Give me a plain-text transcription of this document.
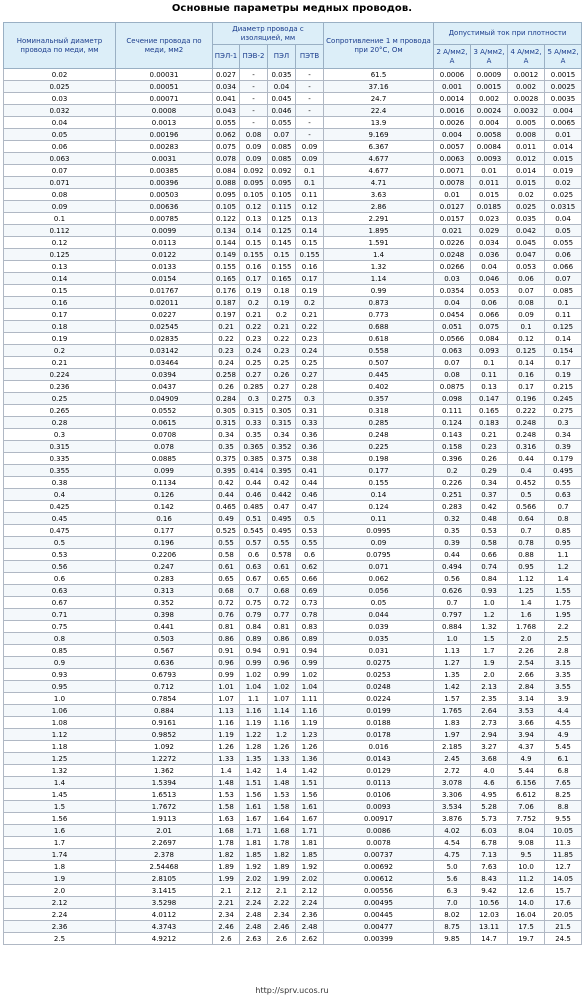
Основные параметры медных проводов.
Номинальный диаметр провода по меди, мм	Сечение провода по меди, мм2	Диаметр провода с изоляцией, мм				Сопротивление 1 м провода при 20°С, Ом	Допустимый ток при плотности			
		ПЭЛ-1	ПЭВ-2	ПЭЛ	ПЭТВ		2 А/мм2, А	3 А/мм2, А	4 А/мм2, А	5 А/мм2, А
0.02	0.00031	0.027	-	0.035	-	61.5	0.0006	0.0009	0.0012	0.0015
0.025	0.00051	0.034	-	0.04	-	37.16	0.001	0.0015	0.002	0.0025
0.03	0.00071	0.041	-	0.045	-	24.7	0.0014	0.002	0.0028	0.0035
0.032	0.0008	0.043	-	0.046	-	22.4	0.0016	0.0024	0.0032	0.004
0.04	0.0013	0.055	-	0.055	-	13.9	0.0026	0.004	0.005	0.0065
0.05	0.00196	0.062	0.08	0.07	-	9.169	0.004	0.0058	0.008	0.01
0.06	0.00283	0.075	0.09	0.085	0.09	6.367	0.0057	0.0084	0.011	0.014
0.063	0.0031	0.078	0.09	0.085	0.09	4.677	0.0063	0.0093	0.012	0.015
0.07	0.00385	0.084	0.092	0.092	0.1	4.677	0.0071	0.01	0.014	0.019
0.071	0.00396	0.088	0.095	0.095	0.1	4.71	0.0078	0.011	0.015	0.02
0.08	0.00503	0.095	0.105	0.105	0.11	3.63	0.01	0.015	0.02	0.025
0.09	0.00636	0.105	0.12	0.115	0.12	2.86	0.0127	0.0185	0.025	0.0315
0.1	0.00785	0.122	0.13	0.125	0.13	2.291	0.0157	0.023	0.035	0.04
0.112	0.0099	0.134	0.14	0.125	0.14	1.895	0.021	0.029	0.042	0.05
0.12	0.0113	0.144	0.15	0.145	0.15	1.591	0.0226	0.034	0.045	0.055
0.125	0.0122	0.149	0.155	0.15	0.155	1.4	0.0248	0.036	0.047	0.06
0.13	0.0133	0.155	0.16	0.155	0.16	1.32	0.0266	0.04	0.053	0.066
0.14	0.0154	0.165	0.17	0.165	0.17	1.14	0.03	0.046	0.06	0.07
0.15	0.01767	0.176	0.19	0.18	0.19	0.99	0.0354	0.053	0.07	0.085
0.16	0.02011	0.187	0.2	0.19	0.2	0.873	0.04	0.06	0.08	0.1
0.17	0.0227	0.197	0.21	0.2	0.21	0.773	0.0454	0.066	0.09	0.11
0.18	0.02545	0.21	0.22	0.21	0.22	0.688	0.051	0.075	0.1	0.125
0.19	0.02835	0.22	0.23	0.22	0.23	0.618	0.0566	0.084	0.12	0.14
0.2	0.03142	0.23	0.24	0.23	0.24	0.558	0.063	0.093	0.125	0.154
0.21	0.03464	0.24	0.25	0.25	0.25	0.507	0.07	0.1	0.14	0.17
0.224	0.0394	0.258	0.27	0.26	0.27	0.445	0.08	0.11	0.16	0.19
0.236	0.0437	0.26	0.285	0.27	0.28	0.402	0.0875	0.13	0.17	0.215
0.25	0.04909	0.284	0.3	0.275	0.3	0.357	0.098	0.147	0.196	0.245
0.265	0.0552	0.305	0.315	0.305	0.31	0.318	0.111	0.165	0.222	0.275
0.28	0.0615	0.315	0.33	0.315	0.33	0.285	0.124	0.183	0.248	0.3
0.3	0.0708	0.34	0.35	0.34	0.36	0.248	0.143	0.21	0.248	0.34
0.315	0.078	0.35	0.365	0.352	0.36	0.225	0.158	0.23	0.316	0.39
0.335	0.0885	0.375	0.385	0.375	0.38	0.198	0.396	0.26	0.44	0.179
0.355	0.099	0.395	0.414	0.395	0.41	0.177	0.2	0.29	0.4	0.495
0.38	0.1134	0.42	0.44	0.42	0.44	0.155	0.226	0.34	0.452	0.55
0.4	0.126	0.44	0.46	0.442	0.46	0.14	0.251	0.37	0.5	0.63
0.425	0.142	0.465	0.485	0.47	0.47	0.124	0.283	0.42	0.566	0.7
0.45	0.16	0.49	0.51	0.495	0.5	0.11	0.32	0.48	0.64	0.8
0.475	0.177	0.525	0.545	0.495	0.53	0.0995	0.35	0.53	0.7	0.85
0.5	0.196	0.55	0.57	0.55	0.55	0.09	0.39	0.58	0.78	0.95
0.53	0.2206	0.58	0.6	0.578	0.6	0.0795	0.44	0.66	0.88	1.1
0.56	0.247	0.61	0.63	0.61	0.62	0.071	0.494	0.74	0.95	1.2
0.6	0.283	0.65	0.67	0.65	0.66	0.062	0.56	0.84	1.12	1.4
0.63	0.313	0.68	0.7	0.68	0.69	0.056	0.626	0.93	1.25	1.55
0.67	0.352	0.72	0.75	0.72	0.73	0.05	0.7	1.0	1.4	1.75
0.71	0.398	0.76	0.79	0.77	0.78	0.044	0.797	1.2	1.6	1.95
0.75	0.441	0.81	0.84	0.81	0.83	0.039	0.884	1.32	1.768	2.2
0.8	0.503	0.86	0.89	0.86	0.89	0.035	1.0	1.5	2.0	2.5
0.85	0.567	0.91	0.94	0.91	0.94	0.031	1.13	1.7	2.26	2.8
0.9	0.636	0.96	0.99	0.96	0.99	0.0275	1.27	1.9	2.54	3.15
0.93	0.6793	0.99	1.02	0.99	1.02	0.0253	1.35	2.0	2.66	3.35
0.95	0.712	1.01	1.04	1.02	1.04	0.0248	1.42	2.13	2.84	3.55
1.0	0.7854	1.07	1.1	1.07	1.11	0.0224	1.57	2.35	3.14	3.9
1.06	0.884	1.13	1.16	1.14	1.16	0.0199	1.765	2.64	3.53	4.4
1.08	0.9161	1.16	1.19	1.16	1.19	0.0188	1.83	2.73	3.66	4.55
1.12	0.9852	1.19	1.22	1.2	1.23	0.0178	1.97	2.94	3.94	4.9
1.18	1.092	1.26	1.28	1.26	1.26	0.016	2.185	3.27	4.37	5.45
1.25	1.2272	1.33	1.35	1.33	1.36	0.0143	2.45	3.68	4.9	6.1
1.32	1.362	1.4	1.42	1.4	1.42	0.0129	2.72	4.0	5.44	6.8
1.4	1.5394	1.48	1.51	1.48	1.51	0.0113	3.078	4.6	6.156	7.65
1.45	1.6513	1.53	1.56	1.53	1.56	0.0106	3.306	4.95	6.612	8.25
1.5	1.7672	1.58	1.61	1.58	1.61	0.0093	3.534	5.28	7.06	8.8
1.56	1.9113	1.63	1.67	1.64	1.67	0.00917	3.876	5.73	7.752	9.55
1.6	2.01	1.68	1.71	1.68	1.71	0.0086	4.02	6.03	8.04	10.05
1.7	2.2697	1.78	1.81	1.78	1.81	0.0078	4.54	6.78	9.08	11.3
1.74	2.378	1.82	1.85	1.82	1.85	0.00737	4.75	7.13	9.5	11.85
1.8	2.54468	1.89	1.92	1.89	1.92	0.00692	5.0	7.63	10.0	12.7
1.9	2.8105	1.99	2.02	1.99	2.02	0.00612	5.6	8.43	11.2	14.05
2.0	3.1415	2.1	2.12	2.1	2.12	0.00556	6.3	9.42	12.6	15.7
2.12	3.5298	2.21	2.24	2.22	2.24	0.00495	7.0	10.56	14.0	17.6
2.24	4.0112	2.34	2.48	2.34	2.36	0.00445	8.02	12.03	16.04	20.05
2.36	4.3743	2.46	2.48	2.46	2.48	0.00477	8.75	13.11	17.5	21.5
2.5	4.9212	2.6	2.63	2.6	2.62	0.00399	9.85	14.7	19.7	24.5
http://sprv.ucos.ru
